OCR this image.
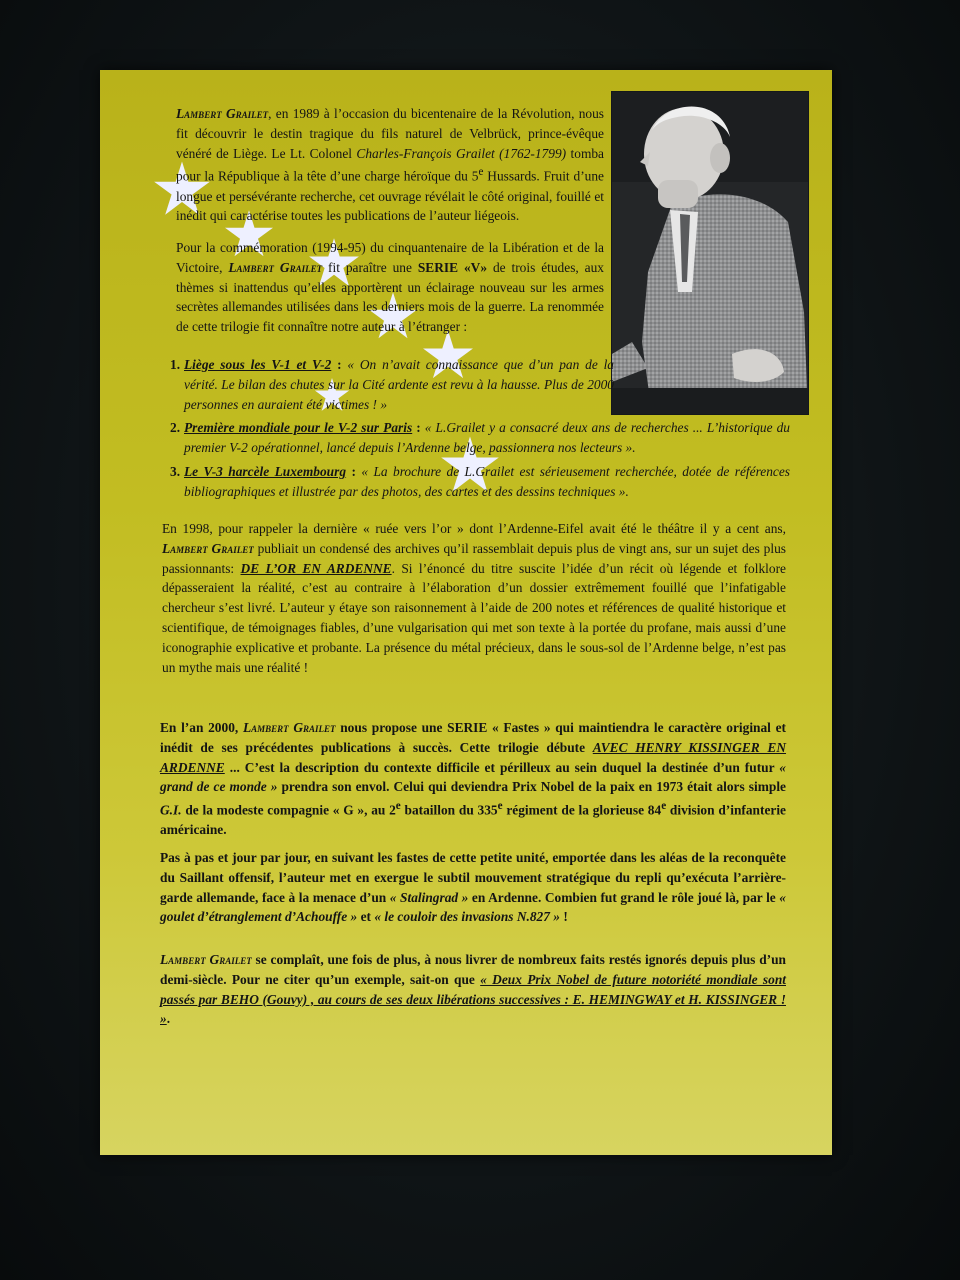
Lambert Grailet, en 1989 à l’occasion du bicentenaire de la Révolution, nous fit découvrir le destin tragique du fils naturel de Velbrück, prince-évêque vénéré de Liège. Le Lt. Colonel Charles-François Grailet (1762-1799) tomba pour la République à la tête d’une charge héroïque du 5e Hussards. Fruit d’une longue et persévérante recherche, cet ouvrage révélait le côté original, fouillé et inédit qui caractérise toutes les publications de l’auteur liégeois.

Pour la commémoration (1994-95) du cinquantenaire de la Libération et de la Victoire, Lambert Grailet fit paraître une SERIE «V» de trois études, aux thèmes si inattendus qu’elles apportèrent un éclairage nouveau sur les armes secrètes allemandes utilisées dans les derniers mois de la guerre. La renommée de cette trilogie fit connaître notre auteur à l’étranger :

1. Liège sous les V-1 et V-2 : « On n’avait connaissance que d’un pan de la vérité. Le bilan des chutes sur la Cité ardente est revu à la hausse. Plus de 2000 personnes en auraient été victimes ! »

2. Première mondiale pour le V-2 sur Paris : « L.Grailet y a consacré deux ans de recherches ... L’historique du premier V-2 opérationnel, lancé depuis l’Ardenne belge, passionnera nos lecteurs ».

3. Le V-3 harcèle Luxembourg : « La brochure de L.Grailet est sérieusement recherchée, dotée de références bibliographiques et illustrée par des photos, des cartes et des dessins techniques ».

En 1998, pour rappeler la dernière « ruée vers l’or » dont l’Ardenne-Eifel avait été le théâtre il y a cent ans, Lambert Grailet publiait un condensé des archives qu’il rassemblait depuis plus de vingt ans, sur un sujet des plus passionnants: DE L’OR EN ARDENNE. Si l’énoncé du titre suscite l’idée d’un récit où légende et folklore dépasseraient la réalité, c’est au contraire à l’élaboration d’un dossier extrêmement fouillé que l’infatigable chercheur s’est livré. L’auteur y étaye son raisonnement à l’aide de 200 notes et références de qualité historique et scientifique, de témoignages fiables, d’une vulgarisation qui met son texte à la portée du profane, mais aussi d’une iconographie explicative et probante. La présence du métal précieux, dans le sous-sol de l’Ardenne belge, n’est pas un mythe mais une réalité !

En l’an 2000, Lambert Grailet nous propose une SERIE « Fastes » qui maintiendra le caractère original et inédit de ses précédentes publications à succès. Cette trilogie débute AVEC HENRY KISSINGER EN ARDENNE ... C’est la description du contexte difficile et périlleux au sein duquel la destinée d’un futur « grand de ce monde » prendra son envol. Celui qui deviendra Prix Nobel de la paix en 1973 était alors simple G.I. de la modeste compagnie « G », au 2e bataillon du 335e régiment de la glorieuse 84e division d’infanterie américaine.

Pas à pas et jour par jour, en suivant les fastes de cette petite unité, emportée dans les aléas de la reconquête du Saillant offensif, l’auteur met en exergue le subtil mouvement stratégique du repli qu’exécuta l’arrière-garde allemande, face à la menace d’un « Stalingrad » en Ardenne. Combien fut grand le rôle joué là, par le « goulet d’étranglement d’Achouffe » et « le couloir des invasions N.827 » !

Lambert Grailet se complaît, une fois de plus, à nous livrer de nombreux faits restés ignorés depuis plus d’un demi-siècle. Pour ne citer qu’un exemple, sait-on que « Deux Prix Nobel de future notoriété mondiale sont passés par BEHO (Gouvy) , au cours de ses deux libérations successives : E. HEMINGWAY et H. KISSINGER ! ».
